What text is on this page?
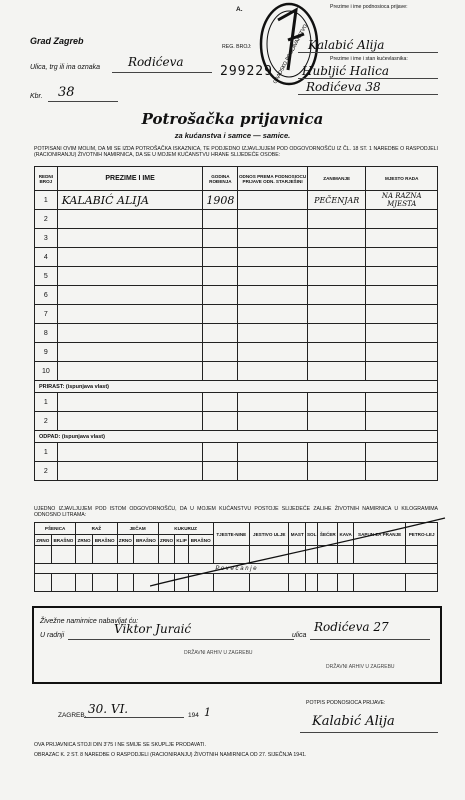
Grad Zagreb
A.
REG. BROJ:
299229 GRADSKO POGLAVARSTVO
Ulica, trg ili ina oznaka Rodićeva
Kbr. 38
Prezime i ime podnosioca prijave:
Kalabić Alija
Prezime i ime i stan kućevlasnika:
Hubljić Halica
Rodićeva 38
Potrošačka prijavnica
za kućanstva i samce — samice.
POTPISANI OVIM MOLIM, DA MI SE IZDA POTROŠAČKA ISKAZNICA, TE PODJEDNO IZJAVLJUJEM POD ODGOVORNOŠĆU IZ ČL. 18 ST. 1 NAREDBE O RASPODJELI (RACIONIRANJU) ŽIVOTNIH NAMIRNICA, DA SE U MOJEM KUĆANSTVU HRANE SLIJEDEĆE OSOBE:
REDNI BROJ	PREZIME I IME	GODINA ROĐENJA	ODNOS PREMA PODNOSIOCU PRIJAVE ODN. STARJEŠINI	ZANIMANJE	MJESTO RADA
1	KALABIĆ ALIJA	1908		PEČENJAR	NA RAZNA MJESTA
2					
3					
4					
5					
6					
7					
8					
9					
10					
PRIRAST: (ispunjava vlast)					
1					
2					
ODPAD: (ispunjava vlast)					
1					
2					
UJEDNO IZJAVLJUJEM POD ISTOM ODGOVORNOŠĆU, DA U MOJEM KUĆANSTVU POSTOJE SLIJEDEĆE ZALIHE ŽIVOTNIH NAMIRNICA U KILOGRAMIMA ODNOSNO LITRAMA:
PŠENICA		RAŽ		JEČAM		KUKURUZ			TJESTE-NINE	JESTIVO ULJE	MAST	SOL	ŠEĆER	KAVA	SAPUN ZA PRANJE	PETRO-LEJ
ZRNO	BRAŠNO	ZRNO	BRAŠNO	ZRNO	BRAŠNO	ZRNO	KLIP	BRAŠNO								

P o v e ć a n j e																

Živežne namirnice nabavljat ću:
U radnji	Viktor Juraić	ulica
Rodićeva 27
DRŽAVNI ARHIV U ZAGREBU
DRŽAVNI ARHIV U ZAGREBU
ZAGREB, 30. VI.	194 1
POTPIS PODNOSIOCA PRIJAVE:
Kalabić Alija
OVA PRIJAVNICA STOJI DIN 3'75 I NE SMIJE SE SKUPLJE PRODAVATI.
OBRAZAC K. 2 ST. 8 NAREDBE O RASPODJELI (RACIONIRANJU) ŽIVOTNIH NAMIRNICA OD 27. SIJEČNJA 1941.
